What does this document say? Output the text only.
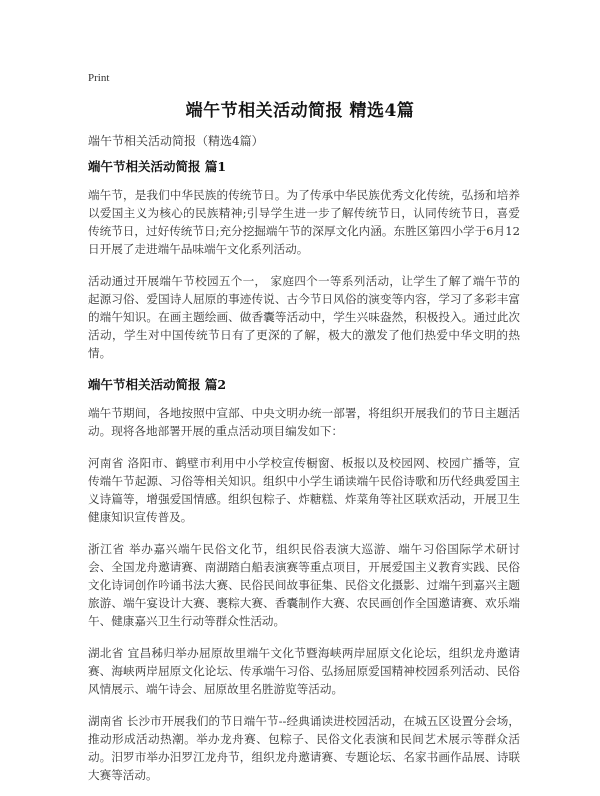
Print
端午节相关活动简报 精选4篇
端午节相关活动简报（精选4篇）
端午节相关活动简报 篇1

端午节，是我们中华民族的传统节日。为了传承中华民族优秀文化传统，弘扬和培养以爱国主义为核心的民族精神;引导学生进一步了解传统节日，认同传统节日，喜爱传统节日，过好传统节日;充分挖掘端午节的深厚文化内涵。东胜区第四小学于6月12日开展了走进端午品味端午文化系列活动。

活动通过开展端午节校园五个一， 家庭四个一等系列活动，让学生了解了端午节的起源习俗、爱国诗人屈原的事迹传说、古今节日风俗的演变等内容，学习了多彩丰富的端午知识。在画主题绘画、做香囊等活动中，学生兴味盎然，积极投入。通过此次活动，学生对中国传统节日有了更深的了解，极大的激发了他们热爱中华文明的热情。

端午节相关活动简报 篇2

端午节期间，各地按照中宣部、中央文明办统一部署，将组织开展我们的节日主题活动。现将各地部署开展的重点活动项目编发如下：

河南省 洛阳市、鹤壁市利用中小学校宣传橱窗、板报以及校园网、校园广播等，宣传端午节起源、习俗等相关知识。组织中小学生诵读端午民俗诗歌和历代经典爱国主义诗篇等，增强爱国情感。组织包粽子、炸糖糕、炸菜角等社区联欢活动，开展卫生健康知识宣传普及。

浙江省 举办嘉兴端午民俗文化节，组织民俗表演大巡游、端午习俗国际学术研讨会、全国龙舟邀请赛、南湖踏白船表演赛等重点项目，开展爱国主义教育实践、民俗文化诗词创作吟诵书法大赛、民俗民间故事征集、民俗文化摄影、过端午到嘉兴主题旅游、端午宴设计大赛、裹粽大赛、香囊制作大赛、农民画创作全国邀请赛、欢乐端午、健康嘉兴卫生行动等群众性活动。

湖北省 宜昌秭归举办屈原故里端午文化节暨海峡两岸屈原文化论坛，组织龙舟邀请赛、海峡两岸屈原文化论坛、传承端午习俗、弘扬屈原爱国精神校园系列活动、民俗风情展示、端午诗会、屈原故里名胜游览等活动。

湖南省 长沙市开展我们的节日端午节--经典诵读进校园活动，在城五区设置分会场，推动形成活动热潮。举办龙舟赛、包粽子、民俗文化表演和民间艺术展示等群众活动。汨罗市举办汨罗江龙舟节，组织龙舟邀请赛、专题论坛、名家书画作品展、诗联大赛等活动。
